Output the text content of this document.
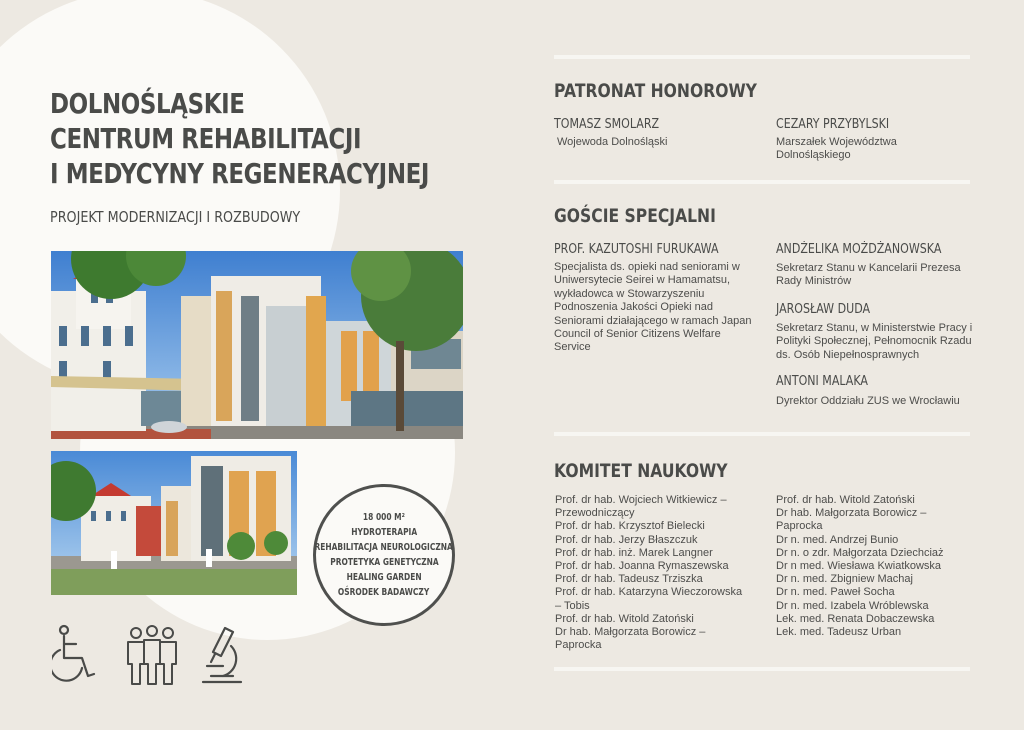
DOLNOŚLĄSKIE
CENTRUM REHABILITACJI
I MEDYCYNY REGENERACYJNEJ
PROJEKT MODERNIZACJI I ROZBUDOWY
18 000 M²
HYDROTERAPIA
REHABILITACJA NEUROLOGICZNA
PROTETYKA GENETYCZNA
HEALING GARDEN
OŚRODEK BADAWCZY
PATRONAT HONOROWY
TOMASZ SMOLARZ
Wojewoda Dolnośląski
CEZARY PRZYBYLSKI
Marszałek Województwa Dolnośląskiego
GOŚCIE SPECJALNI
PROF. KAZUTOSHI FURUKAWA
Specjalista ds. opieki nad seniorami w Uniwersytecie Seirei w Hamamatsu, wykładowca w Stowarzyszeniu Podnoszenia Jakości Opieki nad Seniorami działającego w ramach Japan Council of Senior Citizens Welfare Service
ANDŻELIKA MOŻDŻANOWSKA
Sekretarz Stanu w Kancelarii Prezesa Rady Ministrów
JAROSŁAW DUDA
Sekretarz Stanu, w Ministerstwie Pracy i Polityki Społecznej, Pełnomocnik Rzadu ds. Osób Niepełnosprawnych
ANTONI MALAKA
Dyrektor Oddziału ZUS we Wrocławiu
KOMITET NAUKOWY
Prof. dr hab. Wojciech Witkiewicz –
Przewodniczący
Prof. dr hab. Krzysztof Bielecki
Prof. dr hab. Jerzy Błaszczuk
Prof. dr hab. inż. Marek Langner
Prof. dr hab. Joanna Rymaszewska
Prof. dr hab. Tadeusz Trziszka
Prof. dr hab. Katarzyna Wieczorowska
– Tobis
Prof. dr hab. Witold Zatoński
Dr hab. Małgorzata Borowicz –
Paprocka
Prof. dr hab. Witold Zatoński
Dr hab. Małgorzata Borowicz –
Paprocka
Dr n. med. Andrzej Bunio
Dr n. o zdr. Małgorzata Dziechciaż
Dr n med. Wiesława Kwiatkowska
Dr n. med. Zbigniew Machaj
Dr n. med. Paweł Socha
Dr n. med. Izabela Wróblewska
Lek. med. Renata Dobaczewska
Lek. med. Tadeusz Urban
